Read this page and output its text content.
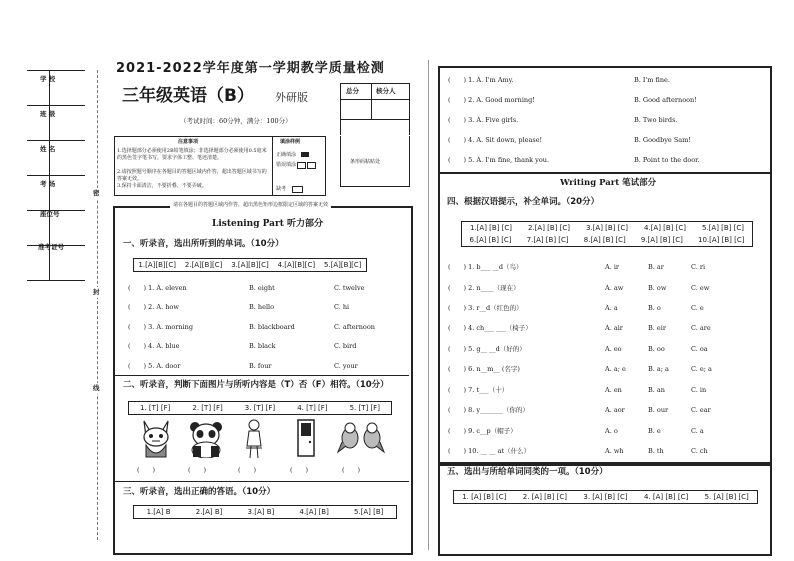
2021-2022学年度第一学期教学质量检测
学 校
班 级
姓 名
考 场
座位号
准考证号
密
封
线
三年级英语（B） 外研版
（考试时间：60分钟，满分：100分）
总分	核分人
条形码粘贴处
注意事项
1.选择题部分必须使用2B铅笔填涂；非选择题部分必须使用0.5毫米的黑色签字笔书写，要求字体工整、笔迹清楚。
2.请按照题号顺序在各题目的答题区域内作答，超出答题区域书写的答案无效。
3.保持卡面清洁，不要折叠、不要弄破。
填涂样例
正确填涂
错误填涂
缺考
请在各题目的答题区域内作答，超出黑色矩形边框限定区域的答案无效
Listening Part 听力部分
一、听录音，选出所听到的单词。（10分）
1.[A][B][C] 2.[A][B][C] 3.[A][B][C] 4.[A][B][C] 5.[A][B][C]
(　　) 1. A. eleven	B. eight	C. twelve
(　　) 2. A. how	B. hello	C. hi
(　　) 3. A. morning	B. blackboard	C. afternoon
(　　) 4. A. blue	B. black	C. bird
(　　) 5. A. door	B. four	C. your
二、听录音，判断下面图片与所听内容是（T）否（F）相符。（10分）
1. [T] [F]	2. [T] [F]	3. [T] [F]	4. [T] [F]	5. [T] [F]
(　　)	(　　)	(　　)	(　　)	(　　)
三、听录音，选出正确的答语。（10分）
1.[A] B	2.[A] B]	3.[A] B]	4.[A] [B]	5.[A] [B]
(　　) 1. A. I'm Amy.	B. I'm fine.
(　　) 2. A. Good morning!	B. Good afternoon!
(　　) 3. A. Five girls.	B. Two birds.
(　　) 4. A. Sit down, please!	B. Goodbye Sam!
(　　) 5. A. I'm fine, thank you.	B. Point to the door.
Writing Part 笔试部分
四、根据汉语提示，补全单词。（20分）
1.[A] [B] [C] 2.[A] [B] [C] 3.[A] [B] [C] 4.[A] [B] [C] 5.[A] [B] [C]
6.[A] [B] [C] 7.[A] [B] [C] 8.[A] [B] [C] 9.[A] [B] [C] 10.[A] [B] [C]
(　　) 1. b___ __d（鸟）	A. ir	B. ar	C. ri
(　　) 2. n____（现在）	A. aw	B. ow	C. ew
(　　) 3. r__d（红色的）	A. a	B. o	C. e
(　　) 4. ch___ ___（椅子）	A. air	B. eir	C. are
(　　) 5. g__ __d（好的）	A. eo	B. oo	C. oa
(　　) 6. n__m__ (名字)	A. a; e	B. a; a	C. e; a
(　　) 7. t___（十）	A. en	B. an	C. in
(　　) 8. y_______（你的）	A. aor	B. our	C. ear
(　　) 9. c__p（帽子）	A. o	B. e	C. a
(　　) 10. __ __ at（什么）	A. wh	B. th	C. ch
五、选出与所给单词同类的一项。（10分）
1. [A] [B] [C] 2. [A] [B] [C] 3. [A] [B] [C] 4. [A] [B] [C] 5. [A] [B] [C]
